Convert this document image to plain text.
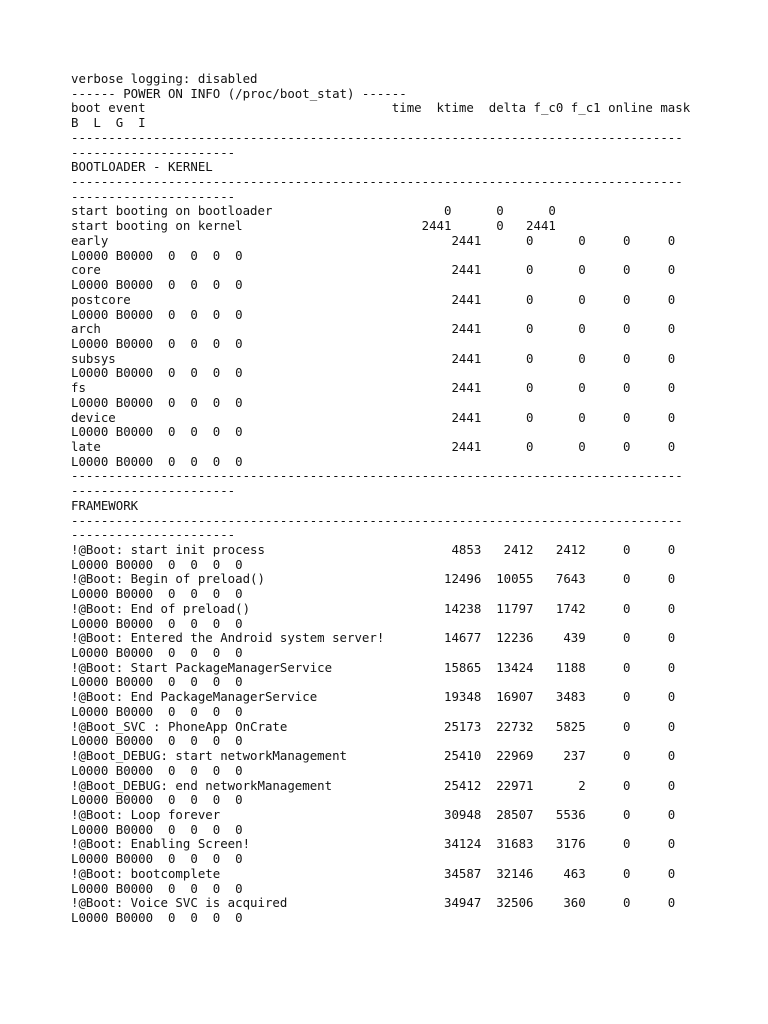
verbose logging: disabled
------ POWER ON INFO (/proc/boot_stat) ------
boot event                                 time  ktime  delta f_c0 f_c1 online mask
B  L  G  I
----------------------------------------------------------------------------------
----------------------
BOOTLOADER - KERNEL
----------------------------------------------------------------------------------
----------------------
start booting on bootloader                       0      0      0
start booting on kernel                        2441      0   2441
early                                              2441      0      0     0     0
L0000 B0000  0  0  0  0
core                                               2441      0      0     0     0
L0000 B0000  0  0  0  0
postcore                                           2441      0      0     0     0
L0000 B0000  0  0  0  0
arch                                               2441      0      0     0     0
L0000 B0000  0  0  0  0
subsys                                             2441      0      0     0     0
L0000 B0000  0  0  0  0
fs                                                 2441      0      0     0     0
L0000 B0000  0  0  0  0
device                                             2441      0      0     0     0
L0000 B0000  0  0  0  0
late                                               2441      0      0     0     0
L0000 B0000  0  0  0  0
----------------------------------------------------------------------------------
----------------------
FRAMEWORK
----------------------------------------------------------------------------------
----------------------
!@Boot: start init process                         4853   2412   2412     0     0
L0000 B0000  0  0  0  0
!@Boot: Begin of preload()                        12496  10055   7643     0     0
L0000 B0000  0  0  0  0
!@Boot: End of preload()                          14238  11797   1742     0     0
L0000 B0000  0  0  0  0
!@Boot: Entered the Android system server!        14677  12236    439     0     0
L0000 B0000  0  0  0  0
!@Boot: Start PackageManagerService               15865  13424   1188     0     0
L0000 B0000  0  0  0  0
!@Boot: End PackageManagerService                 19348  16907   3483     0     0
L0000 B0000  0  0  0  0
!@Boot_SVC : PhoneApp OnCrate                     25173  22732   5825     0     0
L0000 B0000  0  0  0  0
!@Boot_DEBUG: start networkManagement             25410  22969    237     0     0
L0000 B0000  0  0  0  0
!@Boot_DEBUG: end networkManagement               25412  22971      2     0     0
L0000 B0000  0  0  0  0
!@Boot: Loop forever                              30948  28507   5536     0     0
L0000 B0000  0  0  0  0
!@Boot: Enabling Screen!                          34124  31683   3176     0     0
L0000 B0000  0  0  0  0
!@Boot: bootcomplete                              34587  32146    463     0     0
L0000 B0000  0  0  0  0
!@Boot: Voice SVC is acquired                     34947  32506    360     0     0
L0000 B0000  0  0  0  0
